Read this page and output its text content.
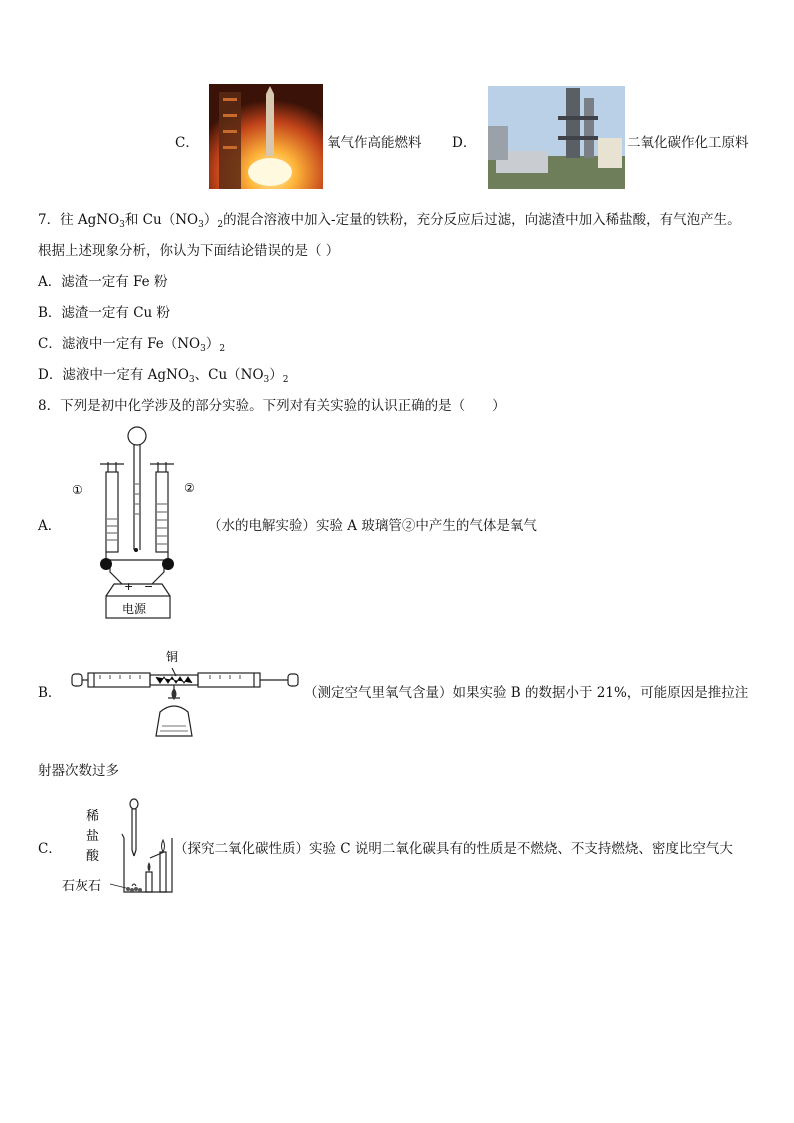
C．	氧气作高能燃料 D．	二氧化碳作化工原料
7．往 AgNO$_3$和 $Cu(NO_3)_2$的混合溶液中加入-定量的铁粉，充分反应后过滤，向滤渣中加入稀盐酸，有气泡产生。
根据上述现象分析，你认为下面结论错误的是（ ）
A．滤渣一定有 Fe 粉
B．滤渣一定有 Cu 粉
C．滤液中一定有 $Fe(NO_3)_2$
D．滤液中一定有 AgNO$_3$、$Cu(NO_3)_2$
8．下列是初中化学涉及的部分实验。下列对有关实验的认识正确的是（　　）
A．
①	②
+ −
电源
（水的电解实验）实验 A 玻璃管②中产生的气体是氧气
B．
铜
（测定空气里氧气含量）如果实验 B 的数据小于 21%，可能原因是推拉注
射器次数过多
C．
稀
盐
酸
石灰石
（探究二氧化碳性质）实验 C 说明二氧化碳具有的性质是不燃烧、不支持燃烧、密度比空气大
